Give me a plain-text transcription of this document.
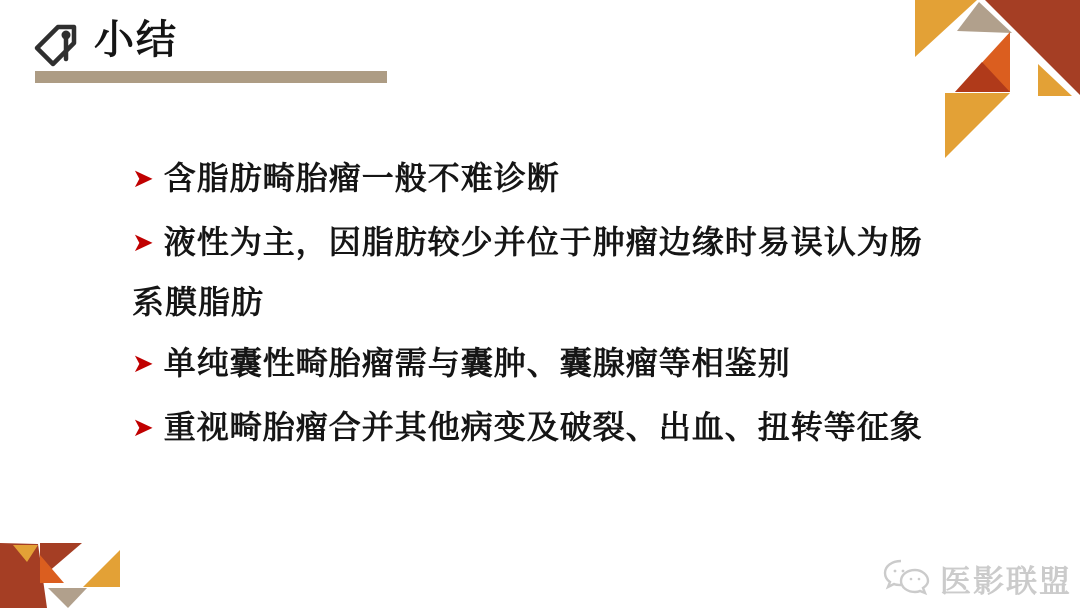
小结
➤ 含脂肪畸胎瘤一般不难诊断
➤ 液性为主，因脂肪较少并位于肿瘤边缘时易误认为肠系膜脂肪
➤ 单纯囊性畸胎瘤需与囊肿、囊腺瘤等相鉴别
➤ 重视畸胎瘤合并其他病变及破裂、出血、扭转等征象
医影联盟
